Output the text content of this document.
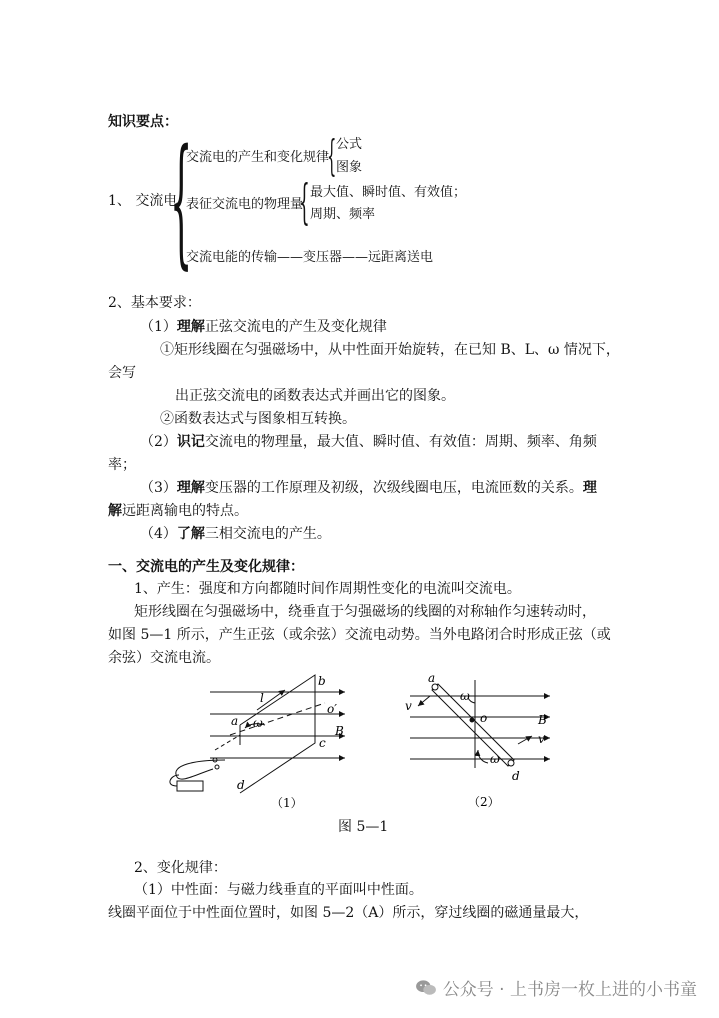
知识要点：
1、 交流电
{
交流电的产生和变化规律
{ 公式
图象
表征交流电的物理量
{ 最大值、瞬时值、有效值；
周期、频率
交流电能的传输——变压器——远距离送电
2、基本要求：
（1）理解正弦交流电的产生及变化规律
①矩形线圈在匀强磁场中，从中性面开始旋转，在已知 B、L、ω 情况下，
会写
出正弦交流电的函数表达式并画出它的图象。
②函数表达式与图象相互转换。
（2）识记交流电的物理量，最大值、瞬时值、有效值：周期、频率、角频
率；
（3）理解变压器的工作原理及初级，次级线圈电压，电流匝数的关系。理
解远距离输电的特点。
（4）了解三相交流电的产生。
一、交流电的产生及变化规律：
1、产生：强度和方向都随时间作周期性变化的电流叫交流电。
矩形线圈在匀强磁场中，绕垂直于匀强磁场的线圈的对称轴作匀速转动时，
如图 5—1 所示，产生正弦（或余弦）交流电动势。当外电路闭合时形成正弦（或
余弦）交流电流。
b
l
o′
a ω
B
c
d
（1）
a
v
ω
o	B
v
ω
d
（2）
图 5—1
2、变化规律：
（1）中性面：与磁力线垂直的平面叫中性面。
线圈平面位于中性面位置时，如图 5—2（A）所示，穿过线圈的磁通量最大，
公众号 · 上书房一枚上进的小书童
